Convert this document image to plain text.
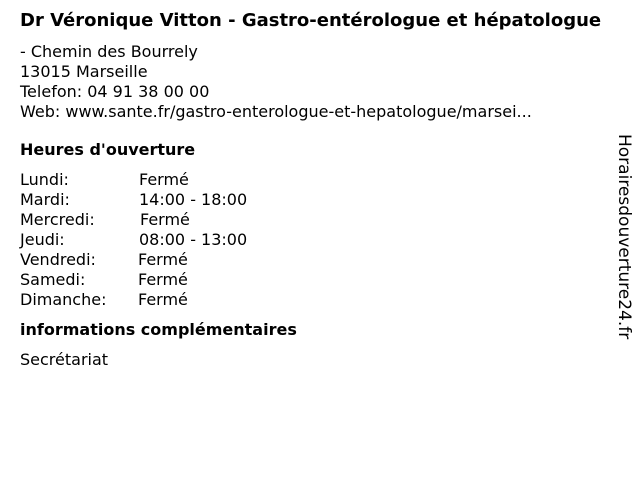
Dr Véronique Vitton - Gastro-entérologue et hépatologue
- Chemin des Bourrely
13015 Marseille
Telefon: 04 91 38 00 00
Web: www.sante.fr/gastro-enterologue-et-hepatologue/marsei...
Heures d'ouverture
Lundi:	Fermé
Mardi:	14:00 - 18:00
Mercredi:	Fermé
Jeudi:	08:00 - 13:00
Vendredi:	Fermé
Samedi:	Fermé
Dimanche: Fermé
informations complémentaires
Secrétariat
Horairesdouverture24.fr
